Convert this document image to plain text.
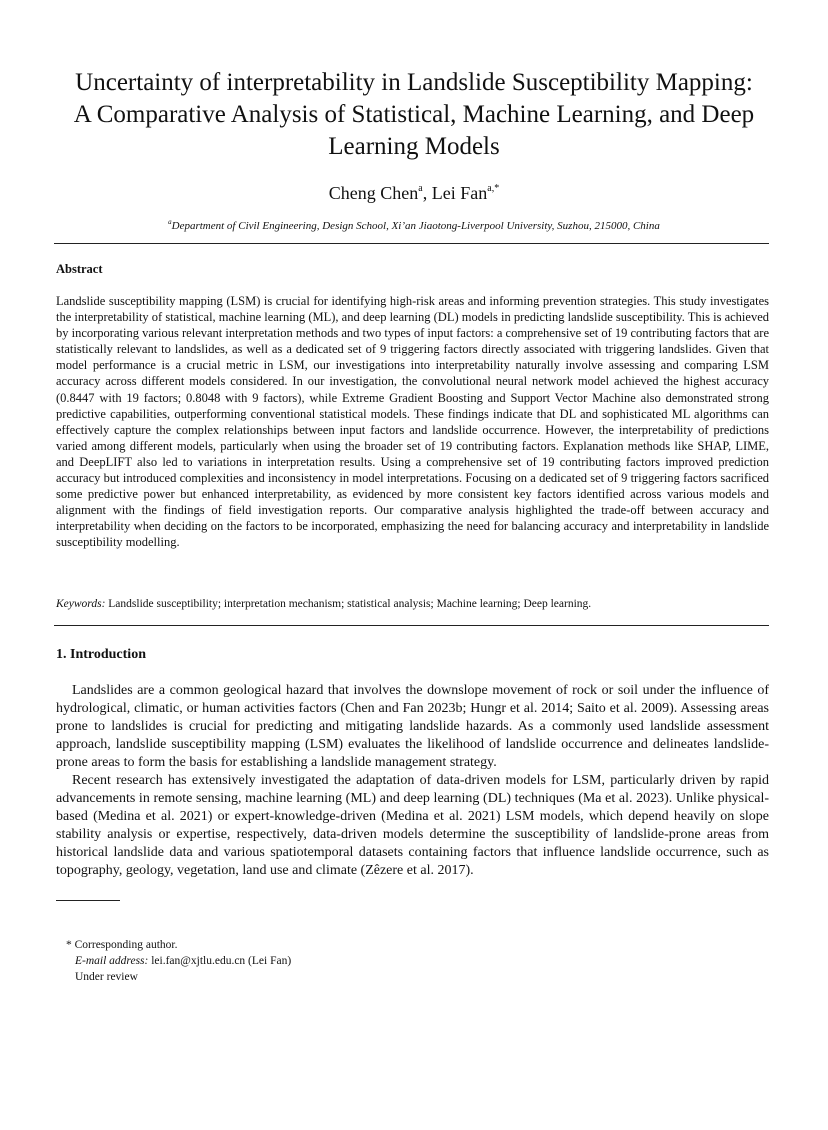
Uncertainty of interpretability in Landslide Susceptibility Mapping:
A Comparative Analysis of Statistical, Machine Learning, and Deep
Learning Models
Cheng Chen$^a$, Lei Fan$^{a,*}$
$^a$Department of Civil Engineering, Design School, Xi’an Jiaotong-Liverpool University, Suzhou, 215000, China
Abstract

Landslide susceptibility mapping (LSM) is crucial for identifying high-risk areas and informing prevention strategies. This study investigates the interpretability of statistical, machine learning (ML), and deep learning (DL) models in predicting landslide susceptibility. This is achieved by incorporating various relevant interpretation methods and two types of input factors: a comprehensive set of 19 contributing factors that are statistically relevant to landslides, as well as a dedicated set of 9 triggering factors directly associated with triggering landslides. Given that model performance is a crucial metric in LSM, our investigations into interpretability naturally involve assessing and comparing LSM accuracy across different models considered. In our investigation, the convolutional neural network model achieved the highest accuracy (0.8447 with 19 factors; 0.8048 with 9 factors), while Extreme Gradient Boosting and Support Vector Machine also demonstrated strong predictive capabilities, outperforming conventional statistical models. These findings indicate that DL and sophisticated ML algorithms can effectively capture the complex relationships between input factors and landslide occurrence. However, the interpretability of predictions varied among different models, particularly when using the broader set of 19 contributing factors. Explanation methods like SHAP, LIME, and DeepLIFT also led to variations in interpretation results. Using a comprehensive set of 19 contributing factors improved prediction accuracy but introduced complexities and inconsistency in model interpretations. Focusing on a dedicated set of 9 triggering factors sacrificed some predictive power but enhanced interpretability, as evidenced by more consistent key factors identified across various models and alignment with the findings of field investigation reports. Our comparative analysis highlighted the trade-off between accuracy and interpretability when deciding on the factors to be incorporated, emphasizing the need for balancing accuracy and interpretability in landslide susceptibility modelling.

Keywords: Landslide susceptibility; interpretation mechanism; statistical analysis; Machine learning; Deep learning.
1. Introduction

Landslides are a common geological hazard that involves the downslope movement of rock or soil under the influence of hydrological, climatic, or human activities factors (Chen and Fan 2023b; Hungr et al. 2014; Saito et al. 2009). Assessing areas prone to landslides is crucial for predicting and mitigating landslide hazards. As a commonly used landslide assessment approach, landslide susceptibility mapping (LSM) evaluates the likelihood of landslide occurrence and delineates landslide-prone areas to form the basis for establishing a landslide management strategy.

Recent research has extensively investigated the adaptation of data-driven models for LSM, particularly driven by rapid advancements in remote sensing, machine learning (ML) and deep learning (DL) techniques (Ma et al. 2023). Unlike physical-based (Medina et al. 2021) or expert-knowledge-driven (Medina et al. 2021) LSM models, which depend heavily on slope stability analysis or expertise, respectively, data-driven models determine the susceptibility of landslide-prone areas from historical landslide data and various spatiotemporal datasets containing factors that influence landslide occurrence, such as topography, geology, vegetation, land use and climate (Zêzere et al. 2017).

* Corresponding author.
E-mail address: lei.fan@xjtlu.edu.cn (Lei Fan)
Under review
